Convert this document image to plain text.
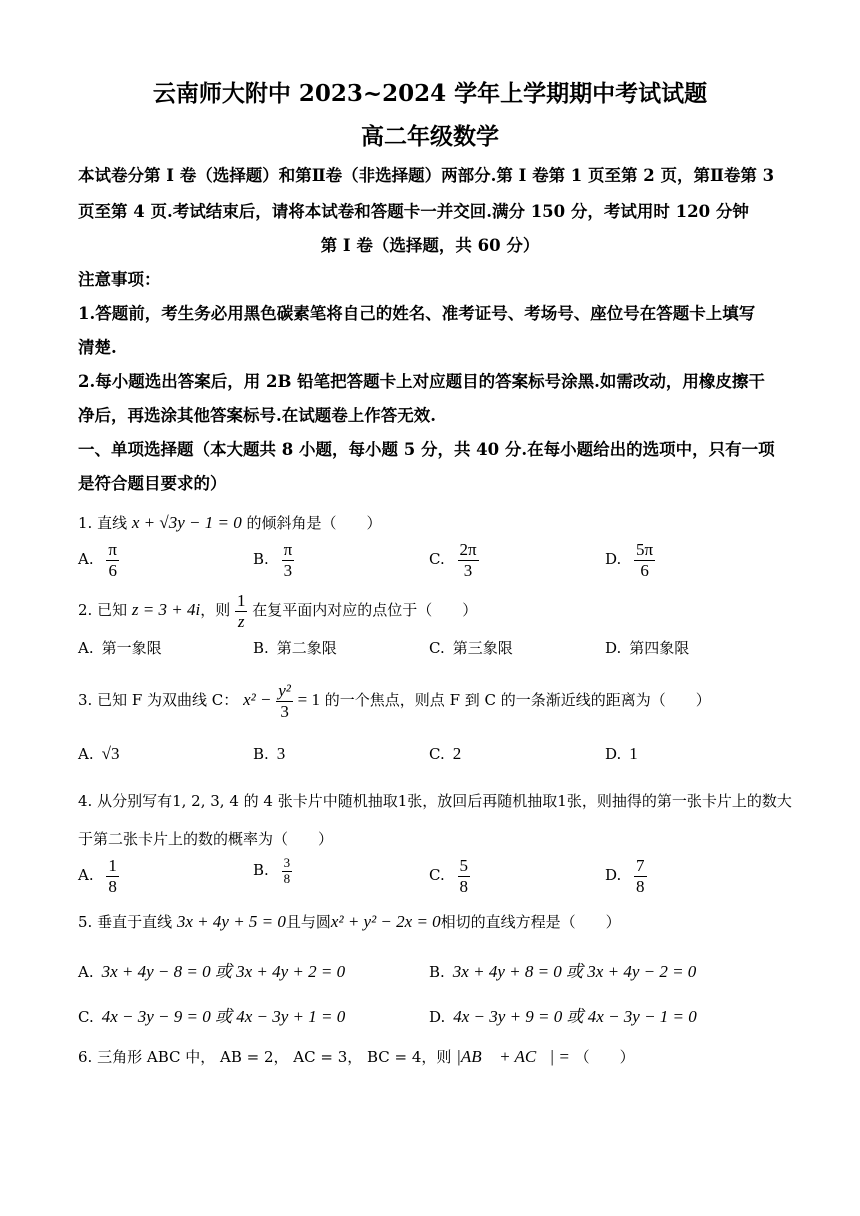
云南师大附中 2023~2024 学年上学期期中考试试题
高二年级数学
本试卷分第 I 卷（选择题）和第Ⅱ卷（非选择题）两部分.第 I 卷第 1 页至第 2 页，第Ⅱ卷第 3
页至第 4 页.考试结束后，请将本试卷和答题卡一并交回.满分 150 分，考试用时 120 分钟
第 I 卷（选择题，共 60 分）
注意事项：
1.答题前，考生务必用黑色碳素笔将自己的姓名、准考证号、考场号、座位号在答题卡上填写
清楚.
2.每小题选出答案后，用 2B 铅笔把答题卡上对应题目的答案标号涂黑.如需改动，用橡皮擦干
净后，再选涂其他答案标号.在试题卷上作答无效.
一、单项选择题（本大题共 8 小题，每小题 5 分，共 40 分.在每小题给出的选项中，只有一项
是符合题目要求的）
1. 直线 x + √3y − 1 = 0 的倾斜角是（　　）
A. $\frac{\pi}{6}$	B. $\frac{\pi}{3}$	C. $\frac{2\pi}{3}$	D. $\frac{5\pi}{6}$
2. 已知 z = 3 + 4i，则 $\frac{1}{z}$ 在复平面内对应的点位于（　　）
A. 第一象限	B. 第二象限	C. 第三象限	D. 第四象限
3. 已知 F 为双曲线 C： $x^2 - \frac{\text{y²}}{3} = 1$ 的一个焦点，则点 F 到 C 的一条渐近线的距离为（　　）
A. √3	B. 3	C. 2	D. 1
4. 从分别写有1, 2, 3, 4 的 4 张卡片中随机抽取1张，放回后再随机抽取1张，则抽得的第一张卡片上的数大
于第二张卡片上的数的概率为（　　）
A. $\frac{1}{8}$	B. $\frac{3}{8}$	C. $\frac{5}{8}$	D. $\frac{7}{8}$
5. 垂直于直线 3x + 4y + 5 = 0且与圆x² + y² − 2x = 0相切的直线方程是（　　）
A. 3x + 4y − 8 = 0 或 3x + 4y + 2 = 0	B. 3x + 4y + 8 = 0 或 3x + 4y − 2 = 0
C. 4x − 3y − 9 = 0 或 4x − 3y + 1 = 0	D. 4x − 3y + 9 = 0 或 4x − 3y − 1 = 0
6. 三角形 ABC 中， AB = 2， AC = 3， BC = 4，则 |AB⃗ + AC⃗| = （　　）
